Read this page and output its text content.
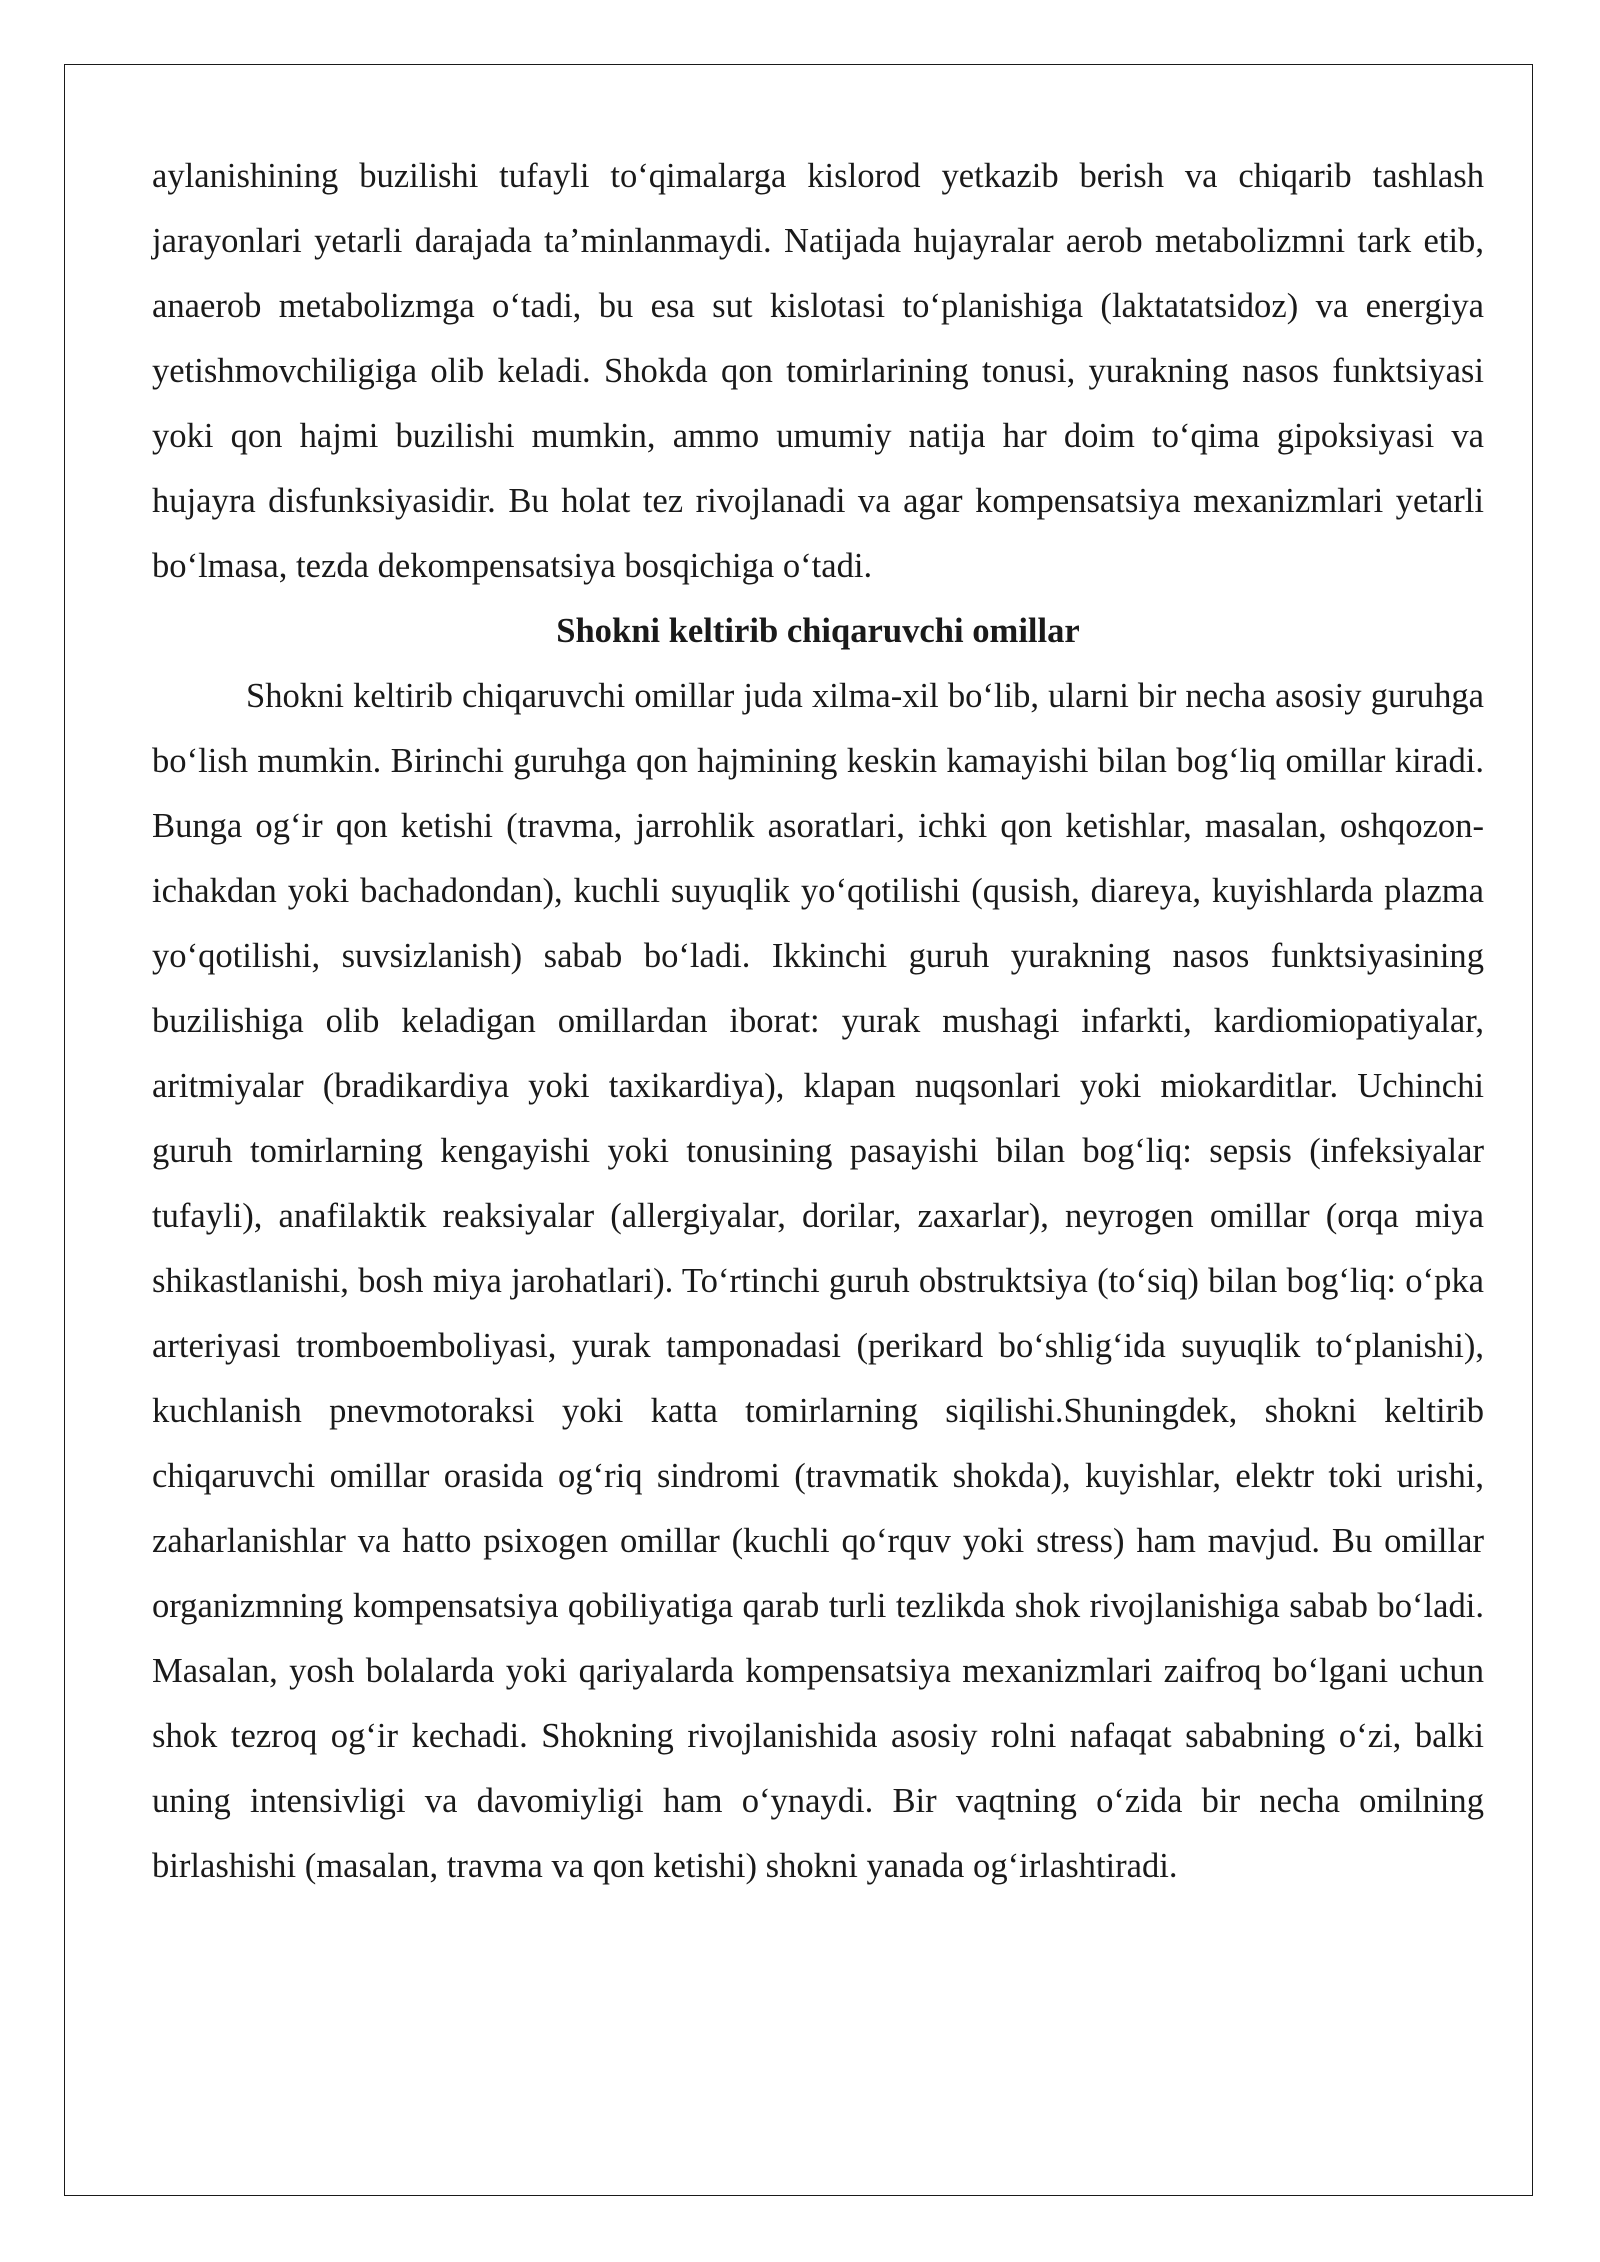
aylanishining buzilishi tufayli to‘qimalarga kislorod yetkazib berish va chiqarib tashlash jarayonlari yetarli darajada ta’minlanmaydi. Natijada hujayralar aerob metabolizmni tark etib, anaerob metabolizmga o‘tadi, bu esa sut kislotasi to‘planishiga (laktatatsidoz) va energiya yetishmovchiligiga olib keladi. Shokda qon tomirlarining tonusi, yurakning nasos funktsiyasi yoki qon hajmi buzilishi mumkin, ammo umumiy natija har doim to‘qima gipoksiyasi va hujayra disfunksiyasidir. Bu holat tez rivojlanadi va agar kompensatsiya mexanizmlari yetarli bo‘lmasa, tezda dekompensatsiya bosqichiga o‘tadi.

Shokni keltirib chiqaruvchi omillar

Shokni keltirib chiqaruvchi omillar juda xilma-xil bo‘lib, ularni bir necha asosiy guruhga bo‘lish mumkin. Birinchi guruhga qon hajmining keskin kamayishi bilan bog‘liq omillar kiradi. Bunga og‘ir qon ketishi (travma, jarrohlik asoratlari, ichki qon ketishlar, masalan, oshqozon-ichakdan yoki bachadondan), kuchli suyuqlik yo‘qotilishi (qusish, diareya, kuyishlarda plazma yo‘qotilishi, suvsizlanish) sabab bo‘ladi. Ikkinchi guruh yurakning nasos funktsiyasining buzilishiga olib keladigan omillardan iborat: yurak mushagi infarkti, kardiomiopatiyalar, aritmiyalar (bradikardiya yoki taxikardiya), klapan nuqsonlari yoki miokarditlar. Uchinchi guruh tomirlarning kengayishi yoki tonusining pasayishi bilan bog‘liq: sepsis (infeksiyalar tufayli), anafilaktik reaksiyalar (allergiyalar, dorilar, zaxarlar), neyrogen omillar (orqa miya shikastlanishi, bosh miya jarohatlari). To‘rtinchi guruh obstruktsiya (to‘siq) bilan bog‘liq: o‘pka arteriyasi tromboemboliyasi, yurak tamponadasi (perikard bo‘shlig‘ida suyuqlik to‘planishi), kuchlanish pnevmotoraksi yoki katta tomirlarning siqilishi.Shuningdek, shokni keltirib chiqaruvchi omillar orasida og‘riq sindromi (travmatik shokda), kuyishlar, elektr toki urishi, zaharlanishlar va hatto psixogen omillar (kuchli qo‘rquv yoki stress) ham mavjud. Bu omillar organizmning kompensatsiya qobiliyatiga qarab turli tezlikda shok rivojlanishiga sabab bo‘ladi. Masalan, yosh bolalarda yoki qariyalarda kompensatsiya mexanizmlari zaifroq bo‘lgani uchun shok tezroq og‘ir kechadi. Shokning rivojlanishida asosiy rolni nafaqat sababning o‘zi, balki uning intensivligi va davomiyligi ham o‘ynaydi. Bir vaqtning o‘zida bir necha omilning birlashishi (masalan, travma va qon ketishi) shokni yanada og‘irlashtiradi.
